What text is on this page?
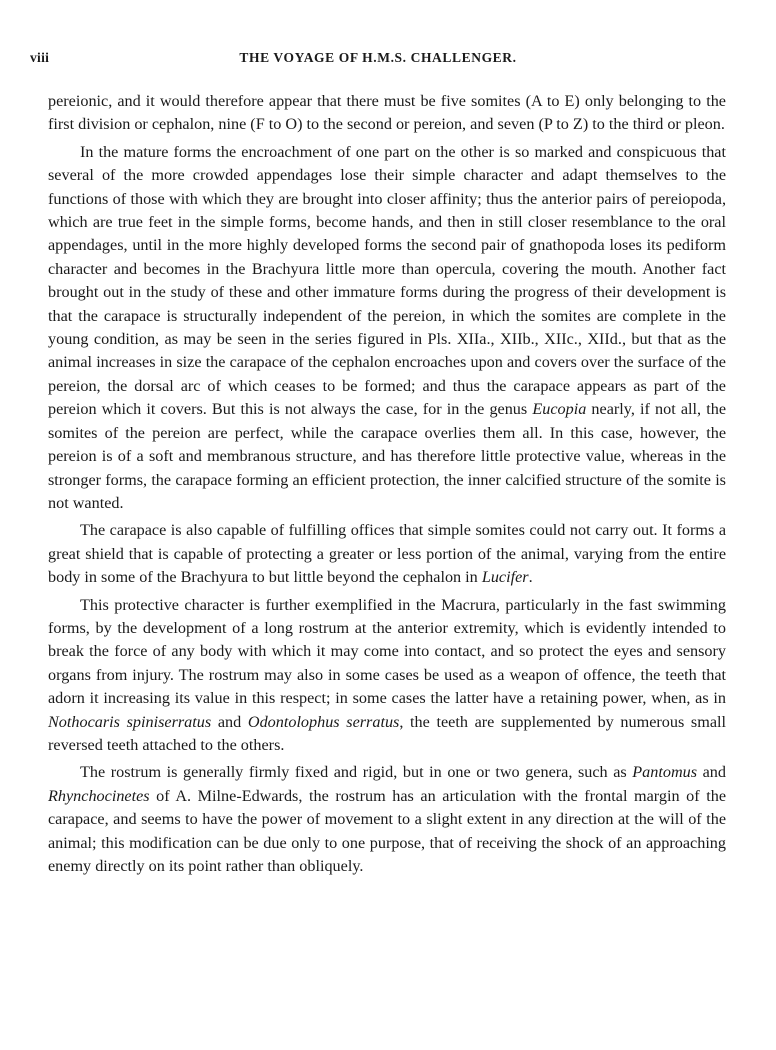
viii	THE VOYAGE OF H.M.S. CHALLENGER.

pereionic, and it would therefore appear that there must be five somites (A to E) only belonging to the first division or cephalon, nine (F to O) to the second or pereion, and seven (P to Z) to the third or pleon.

In the mature forms the encroachment of one part on the other is so marked and conspicuous that several of the more crowded appendages lose their simple character and adapt themselves to the functions of those with which they are brought into closer affinity; thus the anterior pairs of pereiopoda, which are true feet in the simple forms, become hands, and then in still closer resemblance to the oral appendages, until in the more highly developed forms the second pair of gnathopoda loses its pediform character and becomes in the Brachyura little more than opercula, covering the mouth. Another fact brought out in the study of these and other immature forms during the progress of their development is that the carapace is structurally independent of the pereion, in which the somites are complete in the young condition, as may be seen in the series figured in Pls. XIIa., XIIb., XIIc., XIId., but that as the animal increases in size the carapace of the cephalon encroaches upon and covers over the surface of the pereion, the dorsal arc of which ceases to be formed; and thus the carapace appears as part of the pereion which it covers. But this is not always the case, for in the genus Eucopia nearly, if not all, the somites of the pereion are perfect, while the carapace overlies them all. In this case, however, the pereion is of a soft and membranous structure, and has therefore little protective value, whereas in the stronger forms, the carapace forming an efficient protection, the inner calcified structure of the somite is not wanted.

The carapace is also capable of fulfilling offices that simple somites could not carry out. It forms a great shield that is capable of protecting a greater or less portion of the animal, varying from the entire body in some of the Brachyura to but little beyond the cephalon in Lucifer.

This protective character is further exemplified in the Macrura, particularly in the fast swimming forms, by the development of a long rostrum at the anterior extremity, which is evidently intended to break the force of any body with which it may come into contact, and so protect the eyes and sensory organs from injury. The rostrum may also in some cases be used as a weapon of offence, the teeth that adorn it increasing its value in this respect; in some cases the latter have a retaining power, when, as in Nothocaris spiniserratus and Odontolophus serratus, the teeth are supplemented by numerous small reversed teeth attached to the others.

The rostrum is generally firmly fixed and rigid, but in one or two genera, such as Pantomus and Rhynchocinetes of A. Milne-Edwards, the rostrum has an articulation with the frontal margin of the carapace, and seems to have the power of movement to a slight extent in any direction at the will of the animal; this modification can be due only to one purpose, that of receiving the shock of an approaching enemy directly on its point rather than obliquely.
